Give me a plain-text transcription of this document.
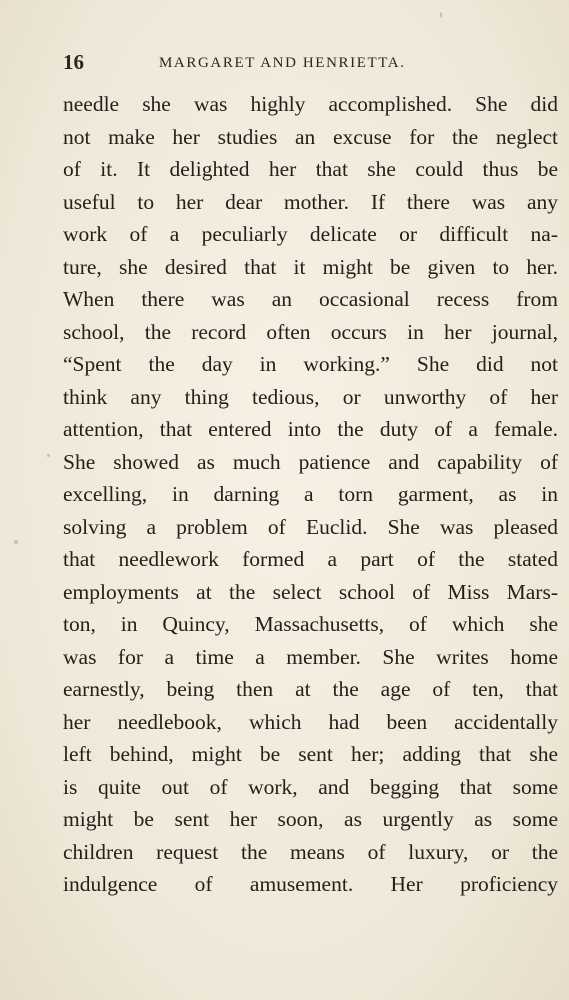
16	MARGARET AND HENRIETTA.
needle she was highly accomplished. She did
not make her studies an excuse for the neglect
of it. It delighted her that she could thus be
useful to her dear mother. If there was any
work of a peculiarly delicate or difficult na-
ture, she desired that it might be given to her.
When there was an occasional recess from
school, the record often occurs in her journal,
“Spent the day in working.” She did not
think any thing tedious, or unworthy of her
attention, that entered into the duty of a female.
She showed as much patience and capability of
excelling, in darning a torn garment, as in
solving a problem of Euclid. She was pleased
that needlework formed a part of the stated
employments at the select school of Miss Mars-
ton, in Quincy, Massachusetts, of which she
was for a time a member. She writes home
earnestly, being then at the age of ten, that
her needlebook, which had been accidentally
left behind, might be sent her; adding that she
is quite out of work, and begging that some
might be sent her soon, as urgently as some
children request the means of luxury, or the
indulgence of amusement. Her proficiency
